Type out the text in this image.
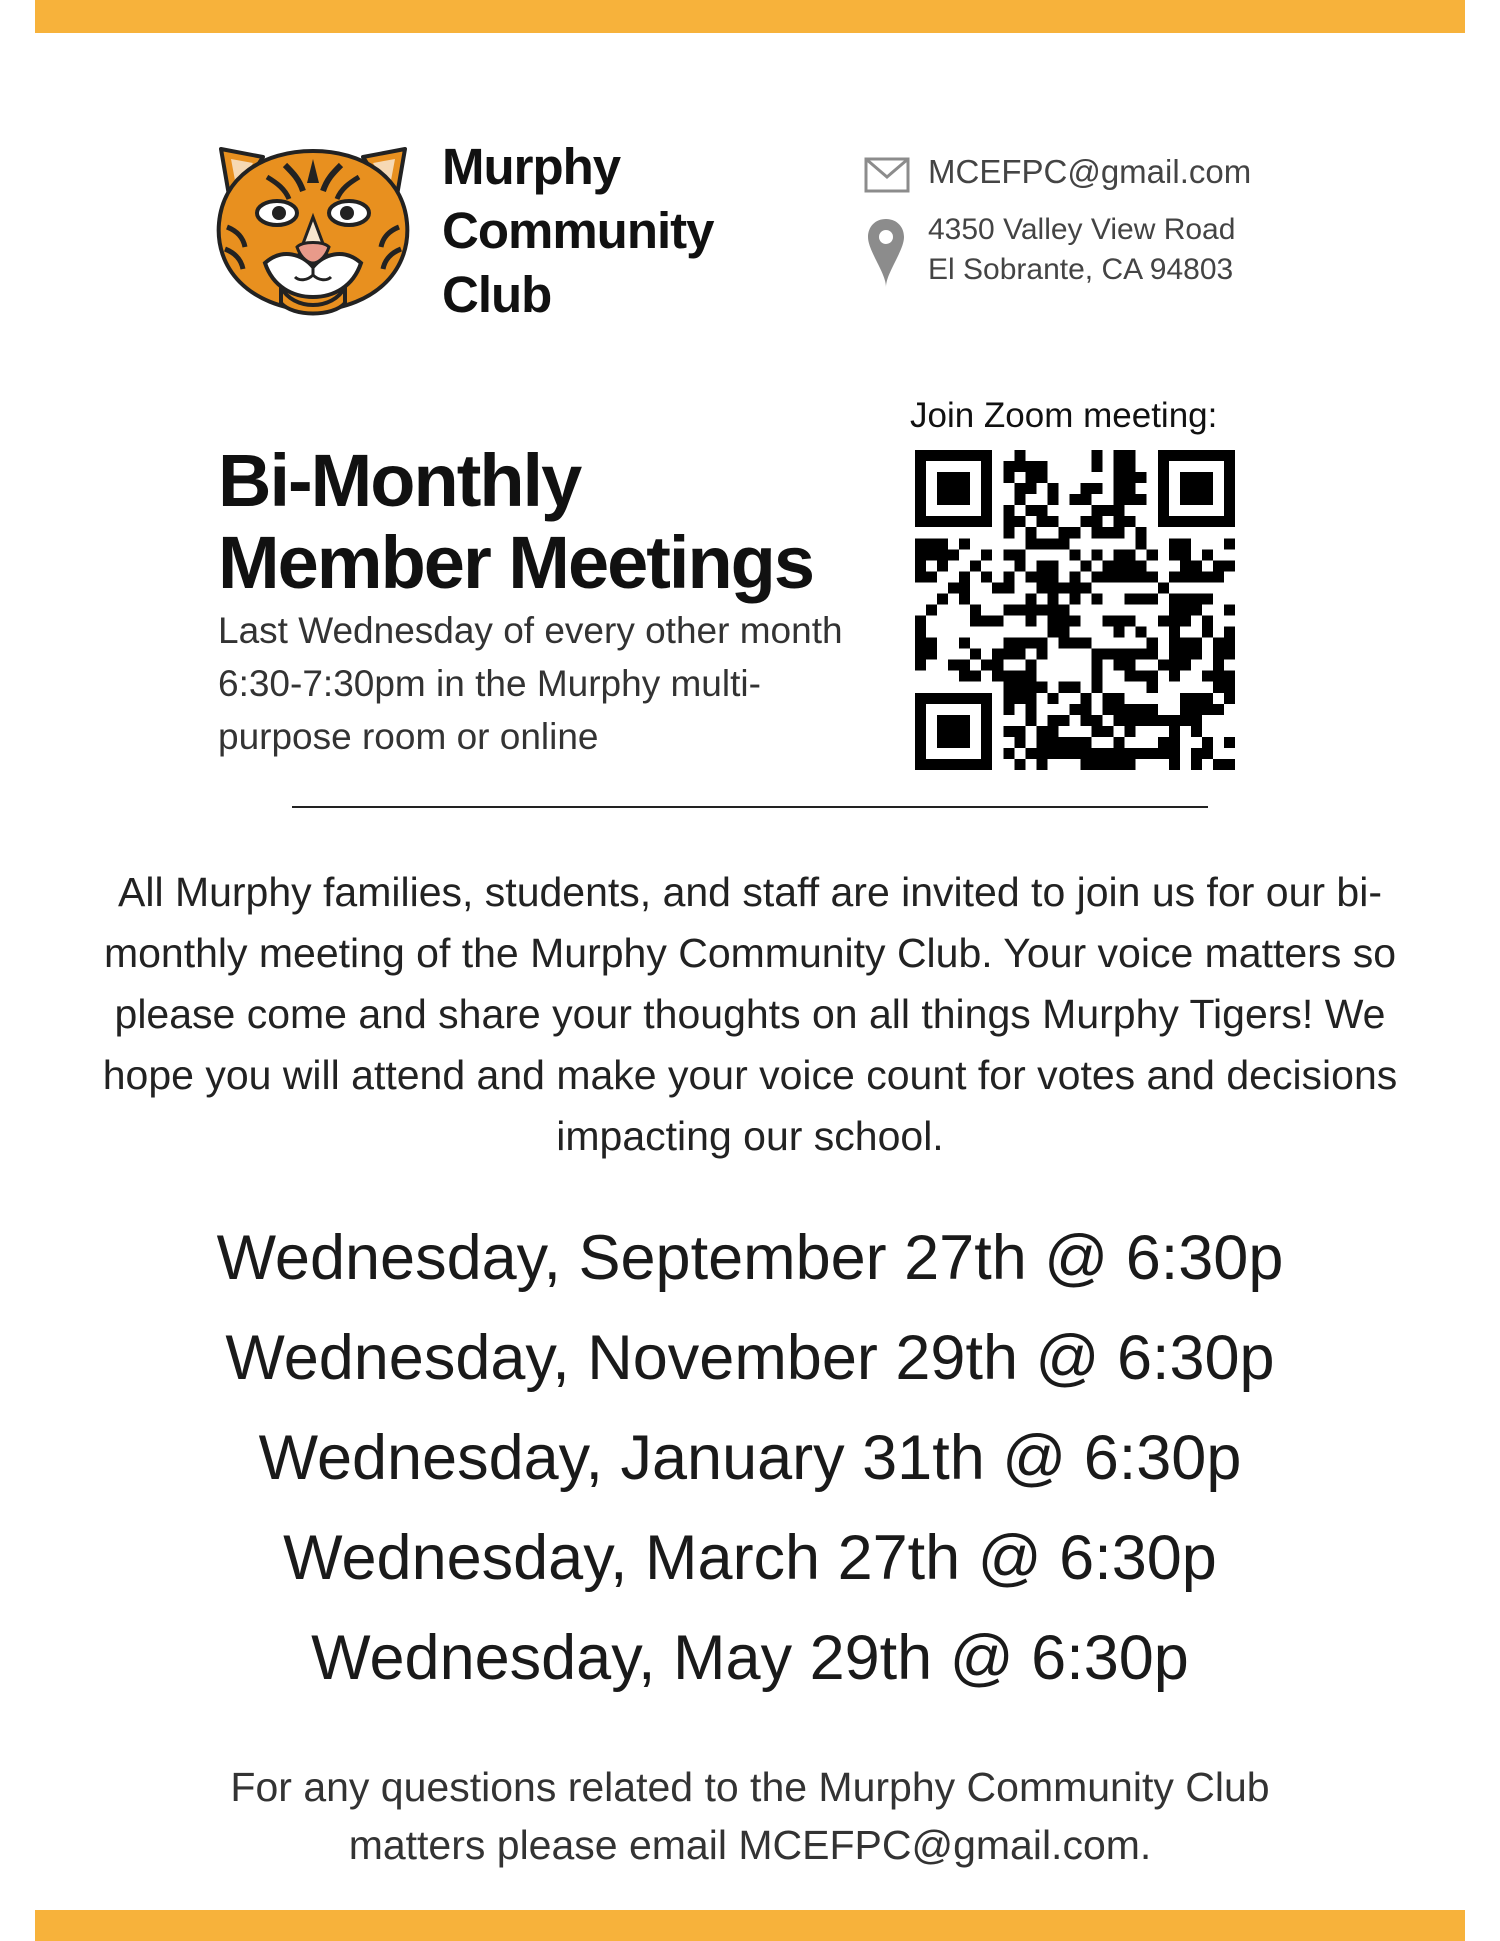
Murphy
Community
Club
MCEFPC@gmail.com
4350 Valley View Road
El Sobrante, CA 94803
Bi-Monthly
Member Meetings
Last Wednesday of every other month
6:30-7:30pm in the Murphy multi-
purpose room or online
Join Zoom meeting:
All Murphy families, students, and staff are invited to join us for our bi-monthly meeting of the Murphy Community Club. Your voice matters so please come and share your thoughts on all things Murphy Tigers! We hope you will attend and make your voice count for votes and decisions impacting our school.
Wednesday, September 27th @ 6:30p
Wednesday, November 29th @ 6:30p
Wednesday, January 31th @ 6:30p
Wednesday, March 27th @ 6:30p
Wednesday, May 29th @ 6:30p
For any questions related to the Murphy Community Club
matters please email MCEFPC@gmail.com.
